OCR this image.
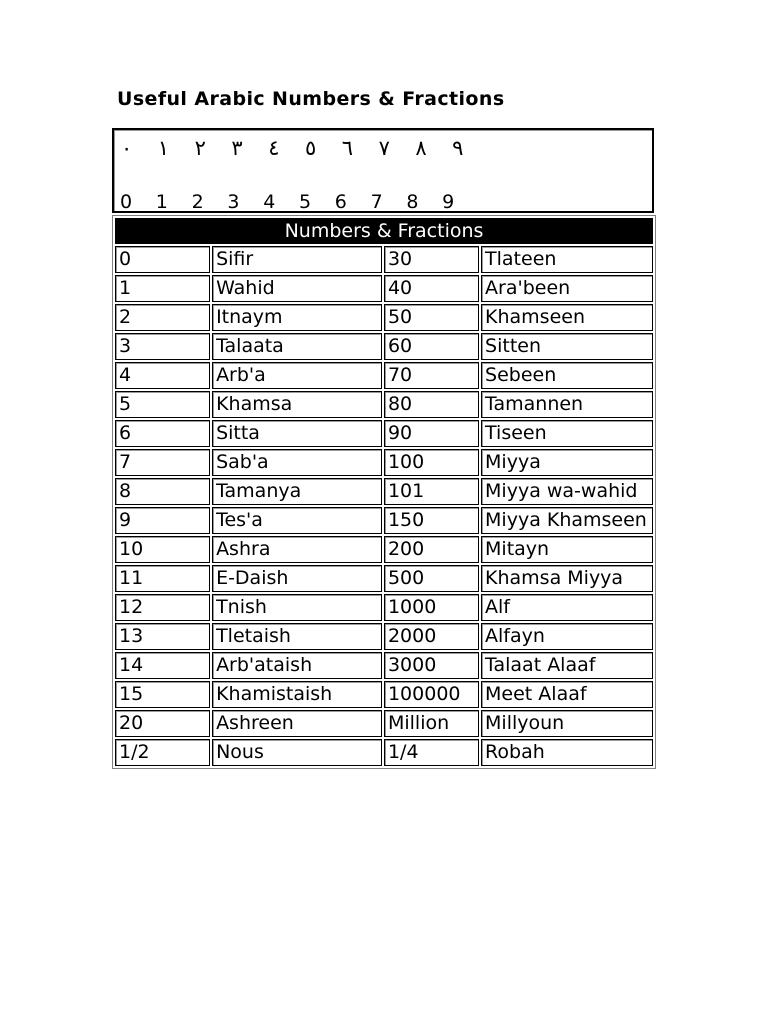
Useful Arabic Numbers & Fractions
٠	١	٢	٣	٤	٥	٦	٧	٨	٩
0	1	2	3	4	5	6	7	8	9
Numbers & Fractions			
0	Sifir	30	Tlateen
1	Wahid	40	Ara'been
2	Itnaym	50	Khamseen
3	Talaata	60	Sitten
4	Arb'a	70	Sebeen
5	Khamsa	80	Tamannen
6	Sitta	90	Tiseen
7	Sab'a	100	Miyya
8	Tamanya	101	Miyya wa-wahid
9	Tes'a	150	Miyya Khamseen
10	Ashra	200	Mitayn
11	E-Daish	500	Khamsa Miyya
12	Tnish	1000	Alf
13	Tletaish	2000	Alfayn
14	Arb'ataish	3000	Talaat Alaaf
15	Khamistaish	100000	Meet Alaaf
20	Ashreen	Million	Millyoun
1/2	Nous	1/4	Robah
